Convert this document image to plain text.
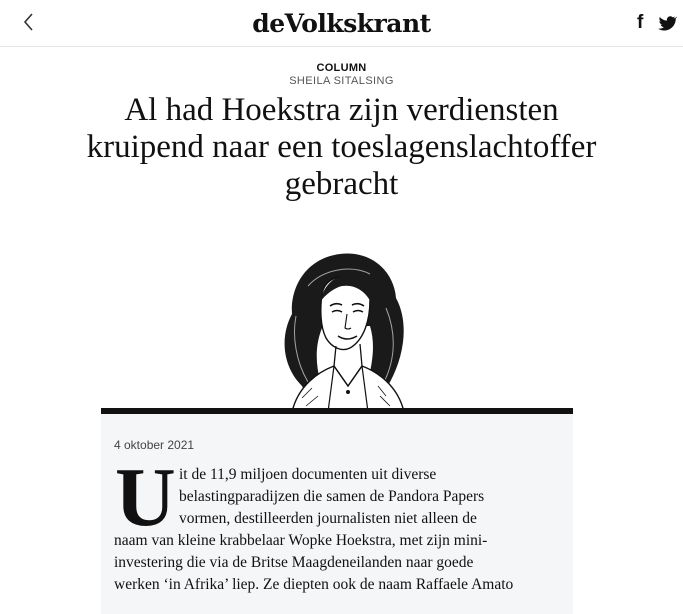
deVolkskrant	f
COLUMN
SHEILA SITALSING
Al had Hoekstra zijn verdiensten kruipend naar een toeslagenslachtoffer gebracht
4 oktober 2021
U it de 11,9 miljoen documenten uit diverse
belastingparadijzen die samen de Pandora Papers
vormen, destilleerden journalisten niet alleen de
naam van kleine krabbelaar Wopke Hoekstra, met zijn mini-
investering die via de Britse Maagdeneilanden naar goede
werken ‘in Afrika’ liep. Ze diepten ook de naam Raffaele Amato
